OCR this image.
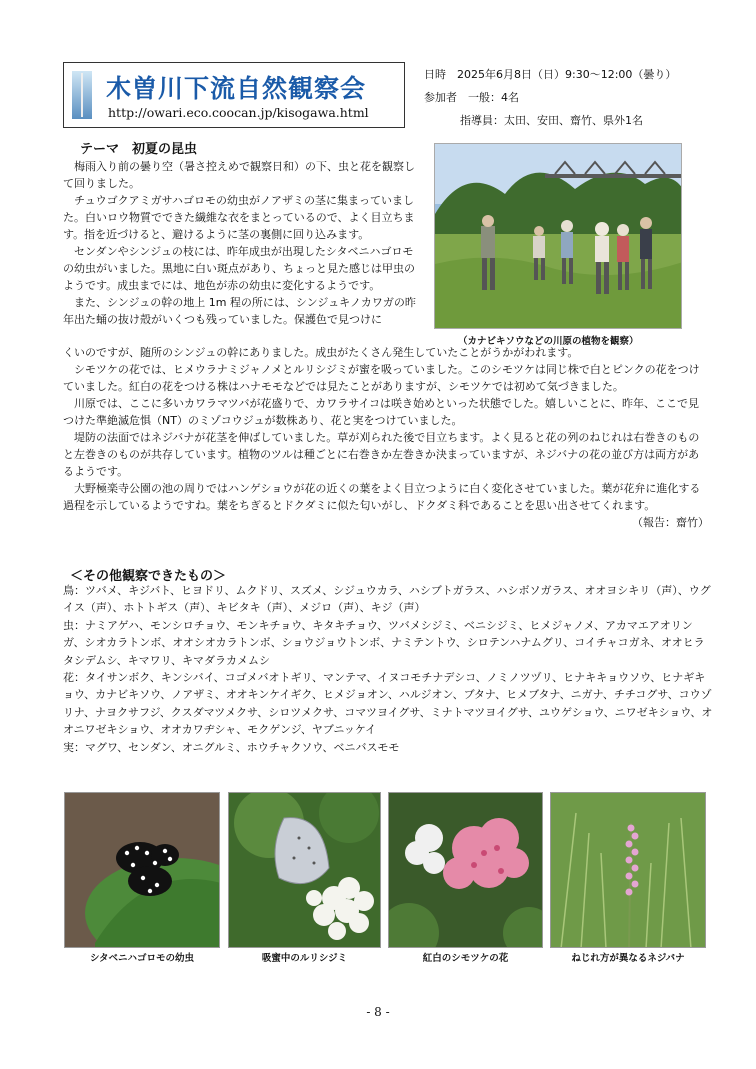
木曽川下流自然観察会
http://owari.eco.coocan.jp/kisogawa.html
日時　2025年6月8日（日）9:30～12:00（曇り）
参加者　一般：4名
指導員：太田、安田、齋竹、県外1名
テーマ　初夏の昆虫

梅雨入り前の曇り空（暑さ控えめで観察日和）の下、虫と花を観察して回りました。

チュウゴクアミガサハゴロモの幼虫がノアザミの茎に集まっていました。白いロウ物質でできた繊維な衣をまとっているので、よく目立ちます。指を近づけると、避けるように茎の裏側に回り込みます。

センダンやシンジュの枝には、昨年成虫が出現したシタベニハゴロモの幼虫がいました。黒地に白い斑点があり、ちょっと見た感じは甲虫のようです。成虫までには、地色が赤の幼虫に変化するようです。

また、シンジュの幹の地上 1m 程の所には、シンジュキノカワガの昨年出た蛹の抜け殻がいくつも残っていました。保護色で見つけに

（カナビキソウなどの川原の植物を観察）

くいのですが、随所のシンジュの幹にありました。成虫がたくさん発生していたことがうかがわれます。

シモツケの花では、ヒメウラナミジャノメとルリシジミが蜜を吸っていました。このシモツケは同じ株で白とピンクの花をつけていました。紅白の花をつける株はハナモモなどでは見たことがありますが、シモツケでは初めて気づきました。

川原では、ここに多いカワラマツバが花盛りで、カワラサイコは咲き始めといった状態でした。嬉しいことに、昨年、ここで見つけた準絶滅危惧（NT）のミゾコウジュが数株あり、花と実をつけていました。

堤防の法面ではネジバナが花茎を伸ばしていました。草が刈られた後で目立ちます。よく見ると花の列のねじれは右巻きのものと左巻きのものが共存しています。植物のツルは種ごとに右巻きか左巻きか決まっていますが、ネジバナの花の並び方は両方があるようです。

大野極楽寺公園の池の周りではハンゲショウが花の近くの葉をよく目立つように白く変化させていました。葉が花弁に進化する過程を示しているようですね。葉をちぎるとドクダミに似た匂いがし、ドクダミ科であることを思い出させてくれます。

（報告：齋竹）

＜その他観察できたもの＞

鳥：ツバメ、キジバト、ヒヨドリ、ムクドリ、スズメ、シジュウカラ、ハシブトガラス、ハシボソガラス、オオヨシキリ（声）、ウグイス（声）、ホトトギス（声）、キビタキ（声）、メジロ（声）、キジ（声）

虫：ナミアゲハ、モンシロチョウ、モンキチョウ、キタキチョウ、ツバメシジミ、ベニシジミ、ヒメジャノメ、アカマエアオリンガ、シオカラトンボ、オオシオカラトンボ、ショウジョウトンボ、ナミテントウ、シロテンハナムグリ、コイチャコガネ、オオヒラタシデムシ、キマワリ、キマダラカメムシ

花：タイサンボク、キンシバイ、コゴメバオトギリ、マンテマ、イヌコモチナデシコ、ノミノツヅリ、ヒナキキョウソウ、ヒナギキョウ、カナビキソウ、ノアザミ、オオキンケイギク、ヒメジョオン、ハルジオン、ブタナ、ヒメブタナ、ニガナ、チチコグサ、コウゾリナ、ナヨクサフジ、クスダマツメクサ、シロツメクサ、コマツヨイグサ、ミナトマツヨイグサ、ユウゲショウ、ニワゼキショウ、オオニワゼキショウ、オオカワヂシャ、モクゲンジ、ヤブニッケイ

実：マグワ、センダン、オニグルミ、ホウチャクソウ、ベニバスモモ

シタベニハゴロモの幼虫	吸蜜中のルリシジミ	紅白のシモツケの花	ねじれ方が異なるネジバナ
- 8 -
